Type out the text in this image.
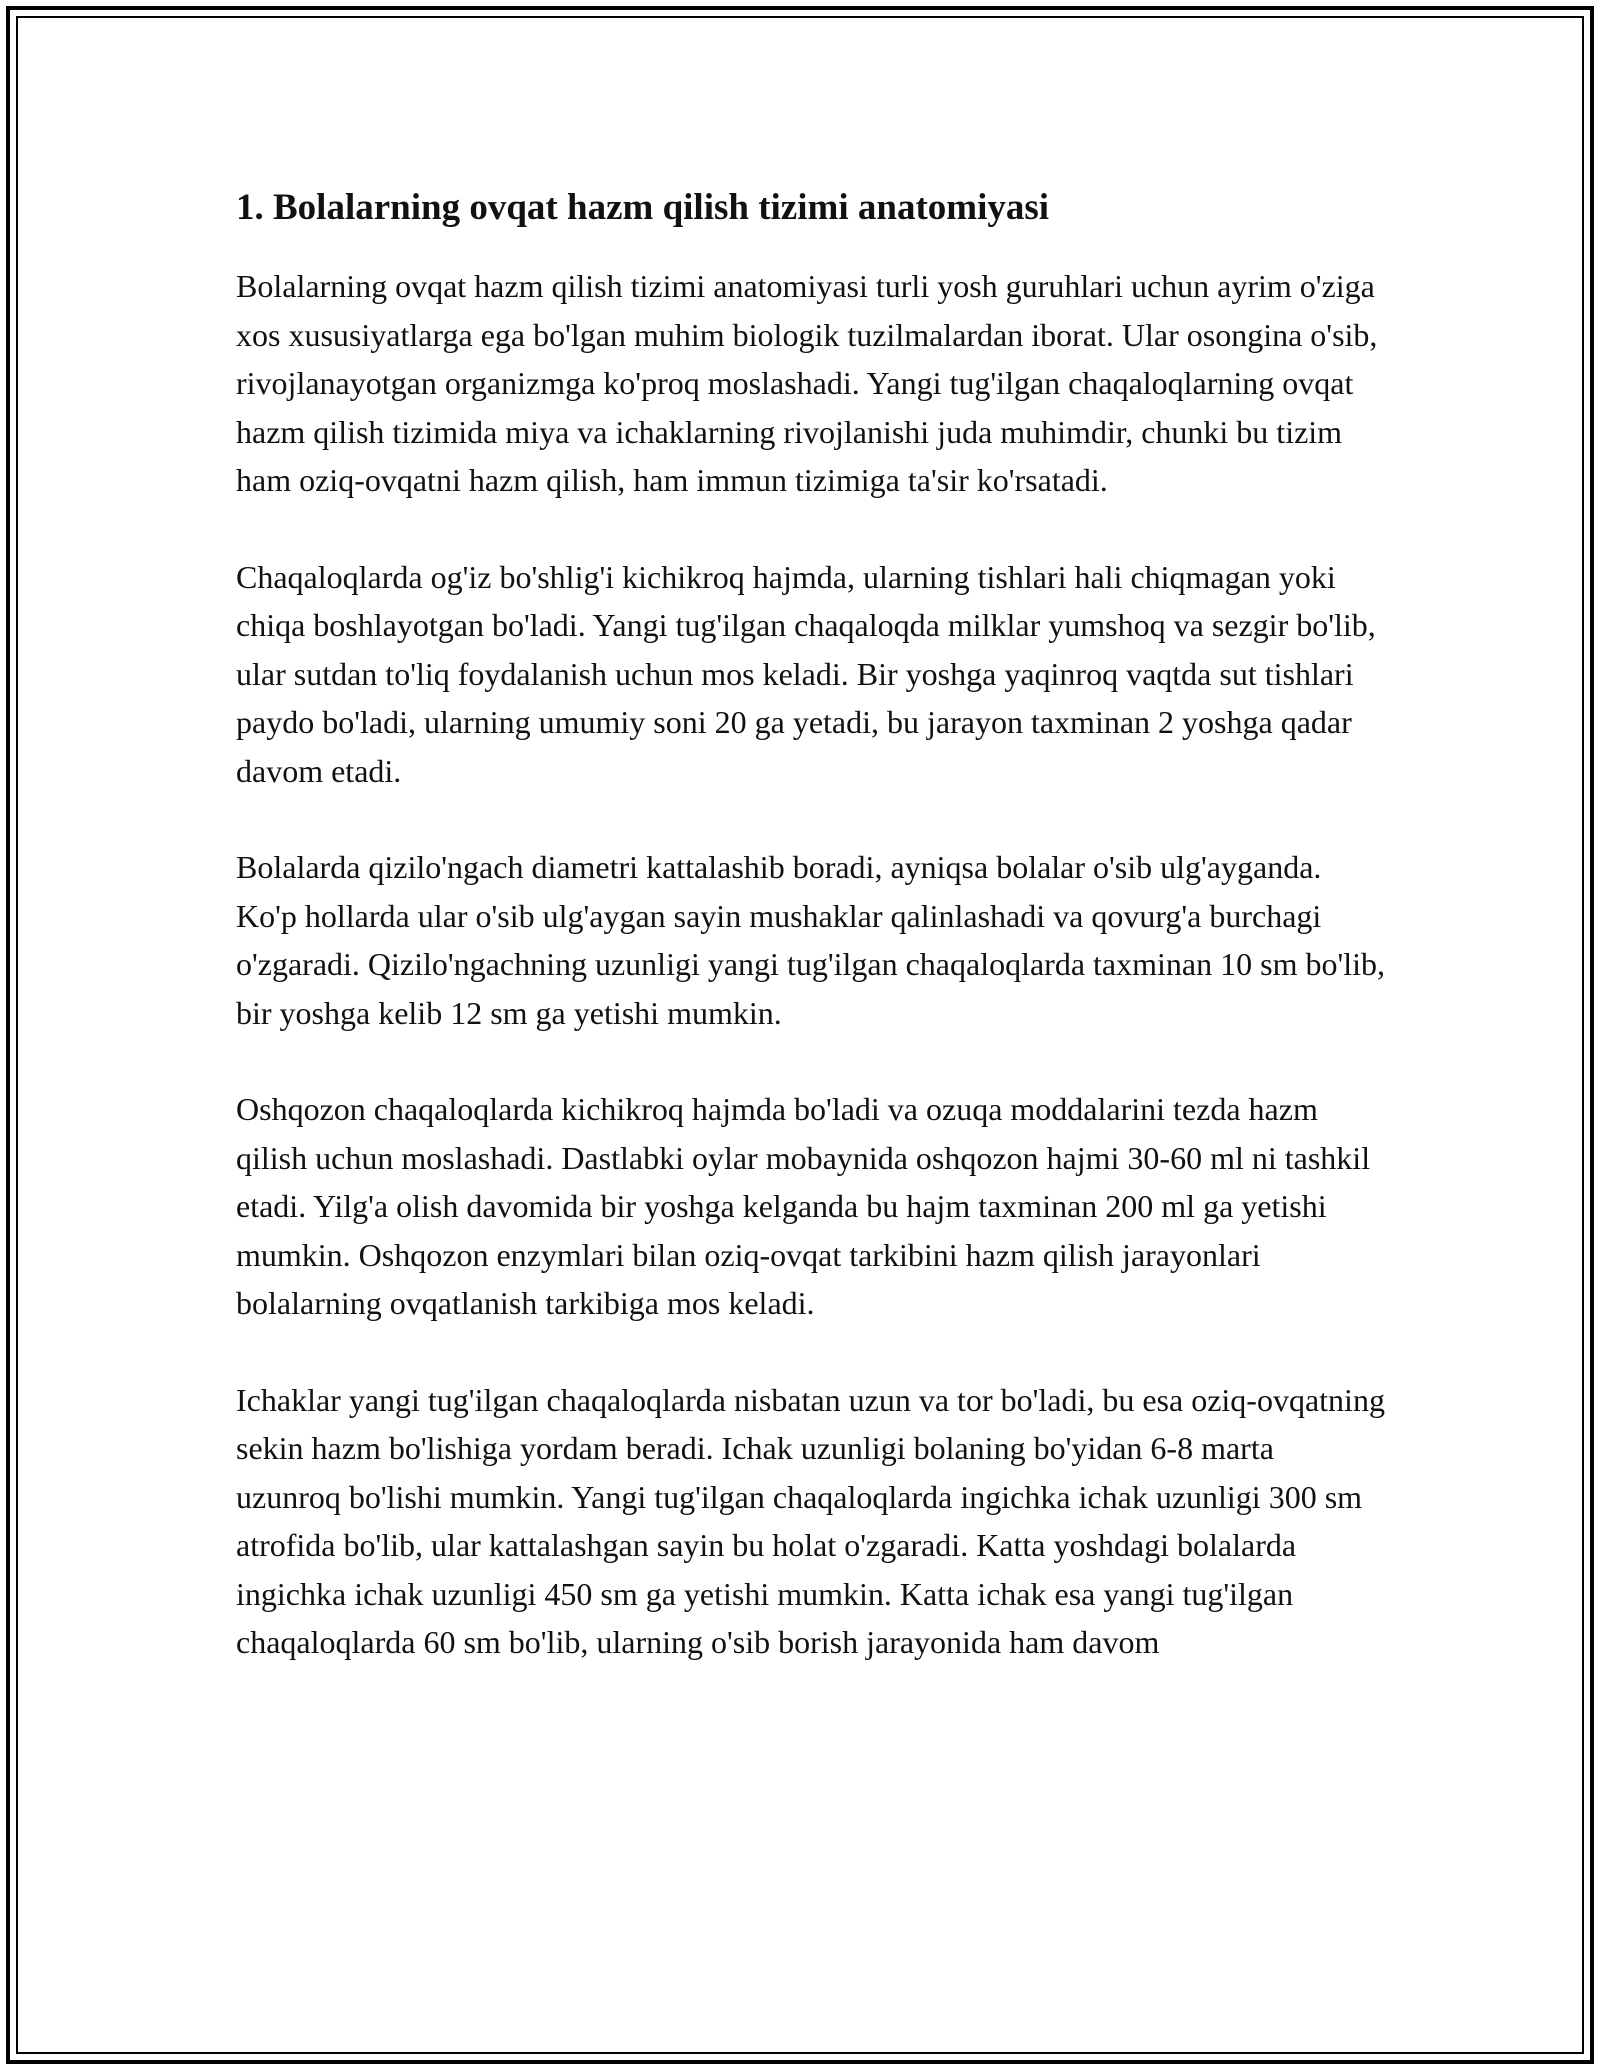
1. Bolalarning ovqat hazm qilish tizimi anatomiyasi

Bolalarning ovqat hazm qilish tizimi anatomiyasi turli yosh guruhlari uchun ayrim o'ziga xos xususiyatlarga ega bo'lgan muhim biologik tuzilmalardan iborat. Ular osongina o'sib, rivojlanayotgan organizmga ko'proq moslashadi. Yangi tug'ilgan chaqaloqlarning ovqat hazm qilish tizimida miya va ichaklarning rivojlanishi juda muhimdir, chunki bu tizim ham oziq-ovqatni hazm qilish, ham immun tizimiga ta'sir ko'rsatadi.

Chaqaloqlarda og'iz bo'shlig'i kichikroq hajmda, ularning tishlari hali chiqmagan yoki chiqa boshlayotgan bo'ladi. Yangi tug'ilgan chaqaloqda milklar yumshoq va sezgir bo'lib, ular sutdan to'liq foydalanish uchun mos keladi. Bir yoshga yaqinroq vaqtda sut tishlari paydo bo'ladi, ularning umumiy soni 20 ga yetadi, bu jarayon taxminan 2 yoshga qadar davom etadi.

Bolalarda qizilo'ngach diametri kattalashib boradi, ayniqsa bolalar o'sib ulg'ayganda. Ko'p hollarda ular o'sib ulg'aygan sayin mushaklar qalinlashadi va qovurg'a burchagi o'zgaradi. Qizilo'ngachning uzunligi yangi tug'ilgan chaqaloqlarda taxminan 10 sm bo'lib, bir yoshga kelib 12 sm ga yetishi mumkin.

Oshqozon chaqaloqlarda kichikroq hajmda bo'ladi va ozuqa moddalarini tezda hazm qilish uchun moslashadi. Dastlabki oylar mobaynida oshqozon hajmi 30-60 ml ni tashkil etadi. Yilg'a olish davomida bir yoshga kelganda bu hajm taxminan 200 ml ga yetishi mumkin. Oshqozon enzymlari bilan oziq-ovqat tarkibini hazm qilish jarayonlari bolalarning ovqatlanish tarkibiga mos keladi.

Ichaklar yangi tug'ilgan chaqaloqlarda nisbatan uzun va tor bo'ladi, bu esa oziq-ovqatning sekin hazm bo'lishiga yordam beradi. Ichak uzunligi bolaning bo'yidan 6-8 marta uzunroq bo'lishi mumkin. Yangi tug'ilgan chaqaloqlarda ingichka ichak uzunligi 300 sm atrofida bo'lib, ular kattalashgan sayin bu holat o'zgaradi. Katta yoshdagi bolalarda ingichka ichak uzunligi 450 sm ga yetishi mumkin. Katta ichak esa yangi tug'ilgan chaqaloqlarda 60 sm bo'lib, ularning o'sib borish jarayonida ham davom
